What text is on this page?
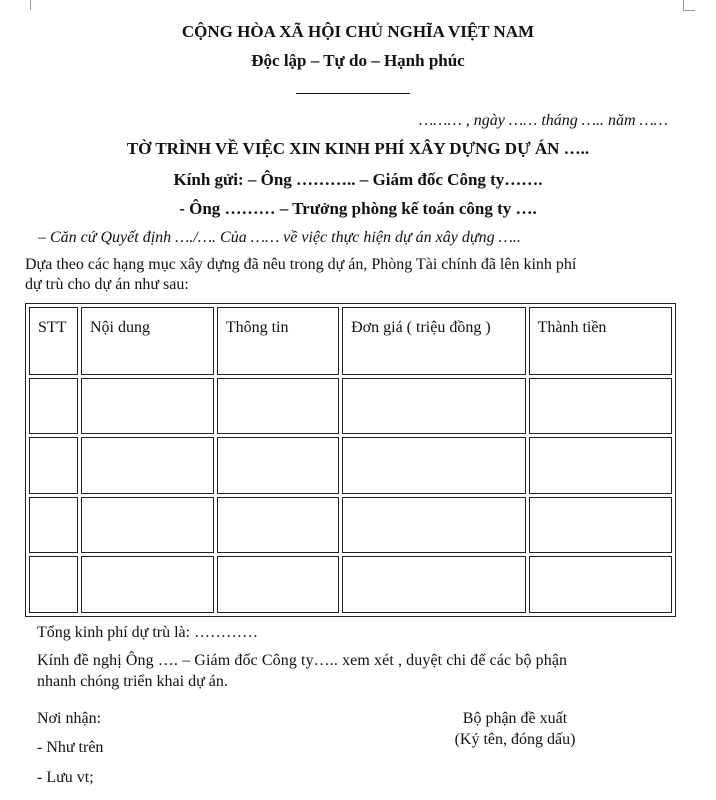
CỘNG HÒA XÃ HỘI CHỦ NGHĨA VIỆT NAM
Độc lập – Tự do – Hạnh phúc
……… , ngày …… tháng ….. năm ……
TỜ TRÌNH VỀ VIỆC XIN KINH PHÍ XÂY DỰNG DỰ ÁN …..
Kính gửi: – Ông ……….. – Giám đốc Công ty…….
- Ông ……… – Trưởng phòng kế toán công ty ….
– Căn cứ Quyết định …./…. Của …… về việc thực hiện dự án xây dựng …..
Dựa theo các hạng mục xây dựng đã nêu trong dự án, Phòng Tài chính đã lên kinh phí
dự trù cho dự án như sau:
STT	Nội dung	Thông tin	Đơn giá ( triệu đồng )	Thành tiền

Tổng kinh phí dự trù là: …………
Kính đề nghị Ông …. – Giám đốc Công ty….. xem xét , duyệt chi để các bộ phận
nhanh chóng triển khai dự án.
Nơi nhận:
- Như trên
- Lưu vt;
Bộ phận đề xuất
(Ký tên, đóng dấu)
